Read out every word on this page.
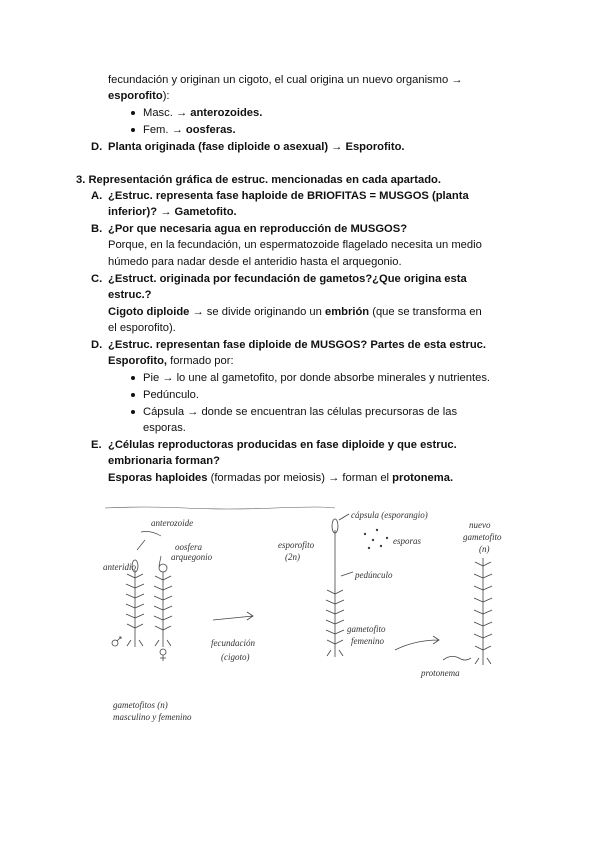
fecundación y originan un cigoto, el cual origina un nuevo organismo →
esporofito):
Masc. → anterozoides.
Fem. → oosferas.
D. Planta originada (fase diploide o asexual) → Esporofito.
3. Representación gráfica de estruc. mencionadas en cada apartado.
A. ¿Estruc. representa fase haploide de BRIOFITAS = MUSGOS (planta
inferior)? → Gametofito.
B. ¿Por que necesaria agua en reproducción de MUSGOS?
Porque, en la fecundación, un espermatozoide flagelado necesita un medio
húmedo para nadar desde el anteridio hasta el arquegonio.
C. ¿Estruct. originada por fecundación de gametos?¿Que origina esta
estruc.?
Cigoto diploide → se divide originando un embrión (que se transforma en
el esporofito).
D. ¿Estruc. representan fase diploide de MUSGOS? Partes de esta estruc.
Esporofito, formado por:
Pie → lo une al gametofito, por donde absorbe minerales y nutrientes.
Pedúnculo.
Cápsula → donde se encuentran las células precursoras de las
esporas.
E. ¿Células reproductoras producidas en fase diploide y que estruc.
embrionaria forman?
Esporas haploides (formadas por meiosis) → forman el protonema.
anterozoide
oosfera
arquegonio
anteridio
gametofitos (n)
masculino y femenino
fecundación
(cigoto)
cápsula (esporangio)
esporofito
(2n)
esporas
pedúnculo
gametofito
femenino
protonema
nuevo
gametofito
(n)
